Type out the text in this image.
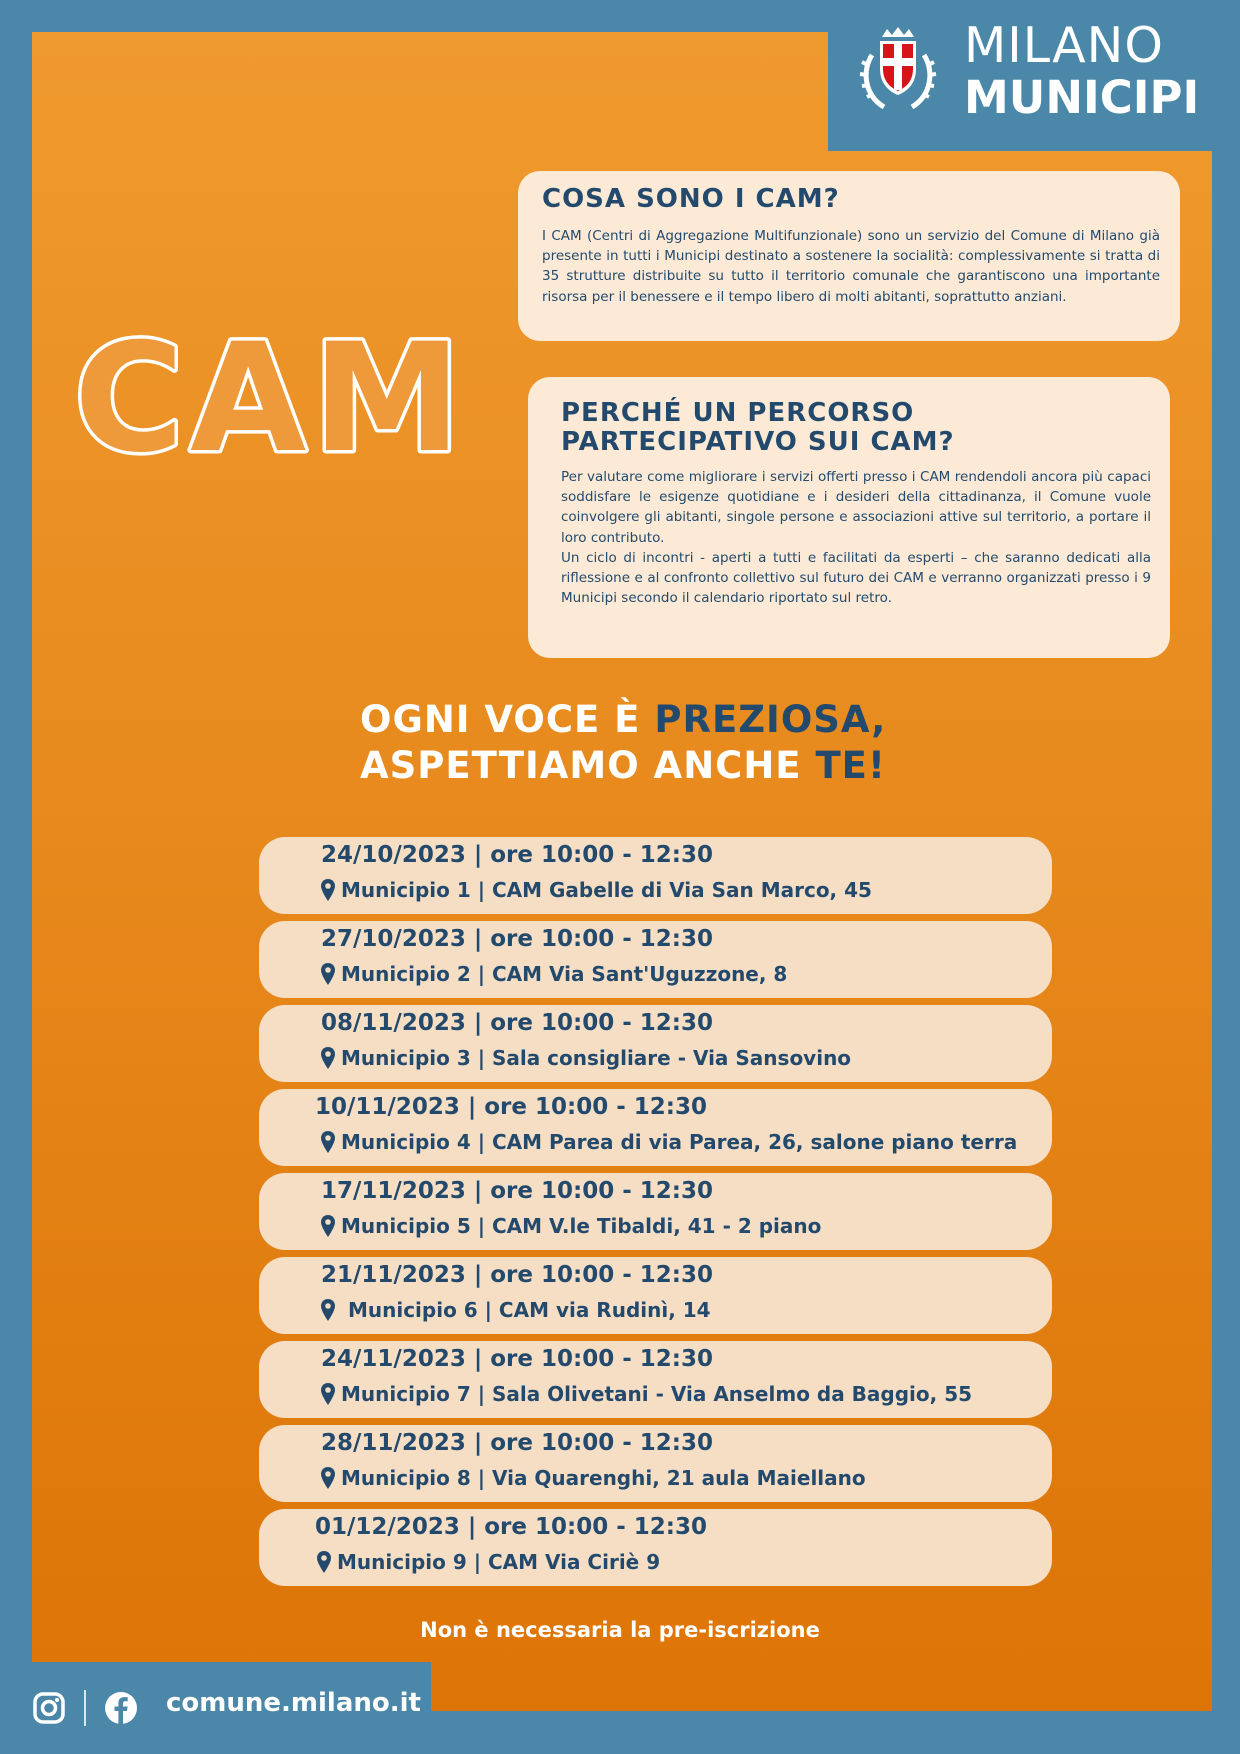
MILANO
MUNICIPI
CAM
COSA SONO I CAM?

I CAM (Centri di Aggregazione Multifunzionale) sono un servizio del Comune di Milano già presente in tutti i Municipi destinato a sostenere la socialità: complessivamente si tratta di 35 strutture distribuite su tutto il territorio comunale che garantiscono una importante risorsa per il benessere e il tempo libero di molti abitanti, soprattutto anziani.

PERCHÉ UN PERCORSO
PARTECIPATIVO SUI CAM?

Per valutare come migliorare i servizi offerti presso i CAM rendendoli ancora più capaci soddisfare le esigenze quotidiane e i desideri della cittadinanza, il Comune vuole coinvolgere gli abitanti, singole persone e associazioni attive sul territorio, a portare il loro contributo.

Un ciclo di incontri - aperti a tutti e facilitati da esperti – che saranno dedicati alla riflessione e al confronto collettivo sul futuro dei CAM e verranno organizzati presso i 9 Municipi secondo il calendario riportato sul retro.

OGNI VOCE È PREZIOSA,
ASPETTIAMO ANCHE TE!
24/10/2023 | ore 10:00 - 12:30
Municipio 1 | CAM Gabelle di Via San Marco, 45
27/10/2023 | ore 10:00 - 12:30
Municipio 2 | CAM Via Sant'Uguzzone, 8
08/11/2023 | ore 10:00 - 12:30
Municipio 3 | Sala consigliare - Via Sansovino
10/11/2023 | ore 10:00 - 12:30
Municipio 4 | CAM Parea di via Parea, 26, salone piano terra
17/11/2023 | ore 10:00 - 12:30
Municipio 5 | CAM V.le Tibaldi, 41 - 2 piano
21/11/2023 | ore 10:00 - 12:30
Municipio 6 | CAM via Rudinì, 14
24/11/2023 | ore 10:00 - 12:30
Municipio 7 | Sala Olivetani - Via Anselmo da Baggio, 55
28/11/2023 | ore 10:00 - 12:30
Municipio 8 | Via Quarenghi, 21 aula Maiellano
01/12/2023 | ore 10:00 - 12:30
Municipio 9 | CAM Via Ciriè 9
Non è necessaria la pre-iscrizione
comune.milano.it
